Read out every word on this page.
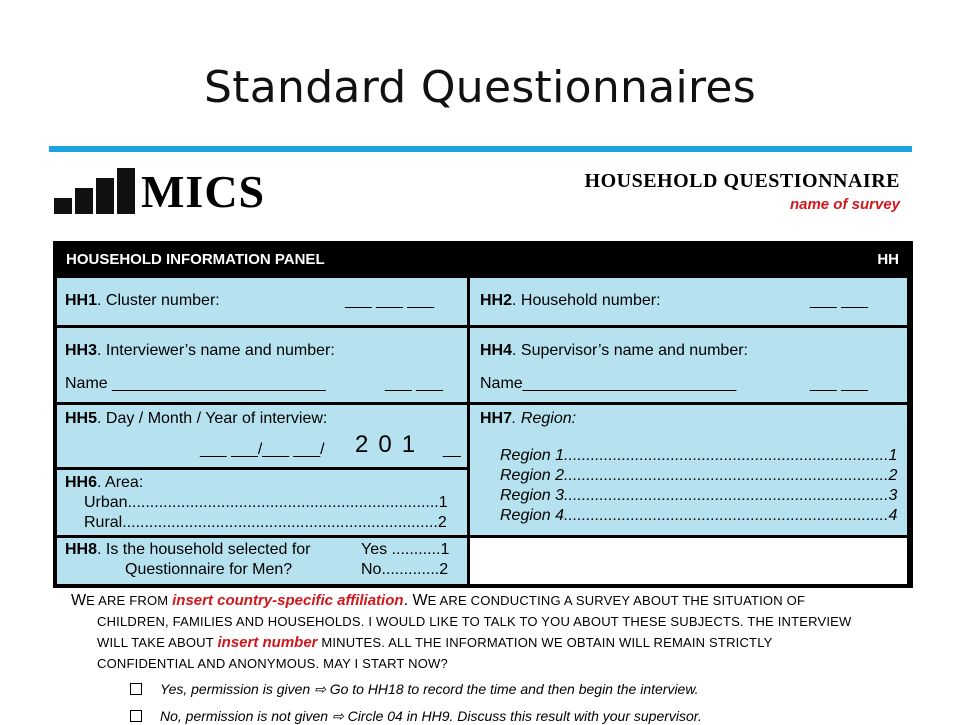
Standard Questionnaires
MICS	HOUSEHOLD QUESTIONNAIRE
name of survey
HOUSEHOLD INFORMATION PANEL	HH
HH1. Cluster number:	___ ___ ___	HH2. Household number:	___ ___
HH3. Interviewer’s name and number:
Name ________________________	___ ___
HH4. Supervisor’s name and number:
Name________________________	___ ___
HH5. Day / Month / Year of interview:
___ ___/___ ___/ 201 __
HH7. Region:
Region 1.........................................................................1
Region 2.........................................................................2
Region 3.........................................................................3
Region 4.........................................................................4
HH6. Area:
Urban......................................................................1
Rural.......................................................................2
HH8. Is the household selected for
Questionnaire for Men?
Yes ...........1
No.............2
WE ARE FROM insert country-specific affiliation. WE ARE CONDUCTING A SURVEY ABOUT THE SITUATION OF
CHILDREN, FAMILIES AND HOUSEHOLDS. I WOULD LIKE TO TALK TO YOU ABOUT THESE SUBJECTS. THE INTERVIEW
WILL TAKE ABOUT insert number MINUTES. ALL THE INFORMATION WE OBTAIN WILL REMAIN STRICTLY
CONFIDENTIAL AND ANONYMOUS. MAY I START NOW?
Yes, permission is given ⇨ Go to HH18 to record the time and then begin the interview.
No, permission is not given ⇨ Circle 04 in HH9. Discuss this result with your supervisor.
